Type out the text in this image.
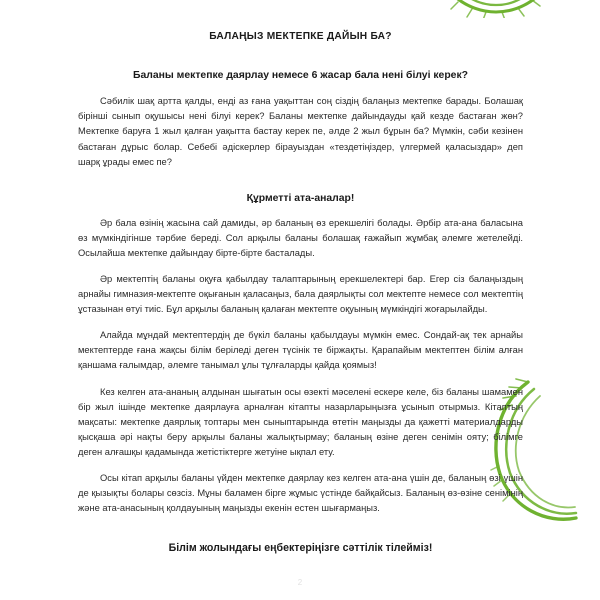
БАЛАҢЫЗ МЕКТЕПКЕ ДАЙЫН БА?
Баланы мектепке даярлау немесе 6 жасар бала нені білуі керек?

Сәбилік шақ артта қалды, енді аз ғана уақыттан соң сіздің балаңыз мектепке барады. Болашақ бірінші сынып оқушысы нені білуі керек? Баланы мектепке дайындауды қай кезде бастаған жөн? Мектепке баруға 1 жыл қалған уақытта бастау керек пе, әлде 2 жыл бұрын ба? Мүмкін, сәби кезінен бастаған дұрыс болар. Себебі әдіскерлер бірауыздан «тездетіңіздер, үлгермей қаласыздар» деп шарқ ұрады емес пе?

Құрметті ата-аналар!

Әр бала өзінің жасына сай дамиды, әр баланың өз ерекшелігі болады. Әрбір ата-ана баласына өз мүмкіндігінше тәрбие береді. Сол арқылы баланы болашақ ғажайып жұмбақ әлемге жетелейді. Осылайша мектепке дайындау бірте-бірте басталады.

Әр мектептің баланы оқуға қабылдау талаптарының ерекшелектері бар. Егер сіз балаңыздың арнайы гимназия-мектепте оқығанын қаласаңыз, бала даярлықты сол мектепте немесе сол мектептің ұстазынан өтуі тиіс. Бұл арқылы баланың қалаған мектепте оқуының мүмкіндігі жоғарылайды.

Алайда мұндай мектептердің де бүкіл баланы қабылдауы мүмкін емес. Сондай-ақ тек арнайы мектептерде ғана жақсы білім беріледі деген түсінік те біржақты. Қарапайым мектептен білім алған қаншама ғалымдар, әлемге танымал ұлы тұлғаларды қайда қоямыз!

Кез келген ата-ананың алдынан шығатын осы өзекті мәселені ескере келе, біз баланы шамамен бір жыл ішінде мектепке даярлауға арналған кітапты назарларыңызға ұсынып отырмыз. Кітаптың мақсаты: мектепке даярлық топтары мен сыныптарында өтетін маңызды да қажетті материалдарды қысқаша әрі нақты беру арқылы баланы жалықтырмау; баланың өзіне деген сенімін ояту; білімге деген алғашқы қадамында жетістіктерге жетуіне ықпал ету.

Осы кітап арқылы баланы үйден мектепке даярлау кез келген ата-ана үшін де, баланың өзі үшін де қызықты болары сөзсіз. Мұны баламен бірге жұмыс үстінде байқайсыз. Баланың өз-өзіне сенімінің және ата-анасының қолдауының маңызды екенін естен шығармаңыз.

Білім жолындағы еңбектеріңізге сәттілік тілейміз!
2
